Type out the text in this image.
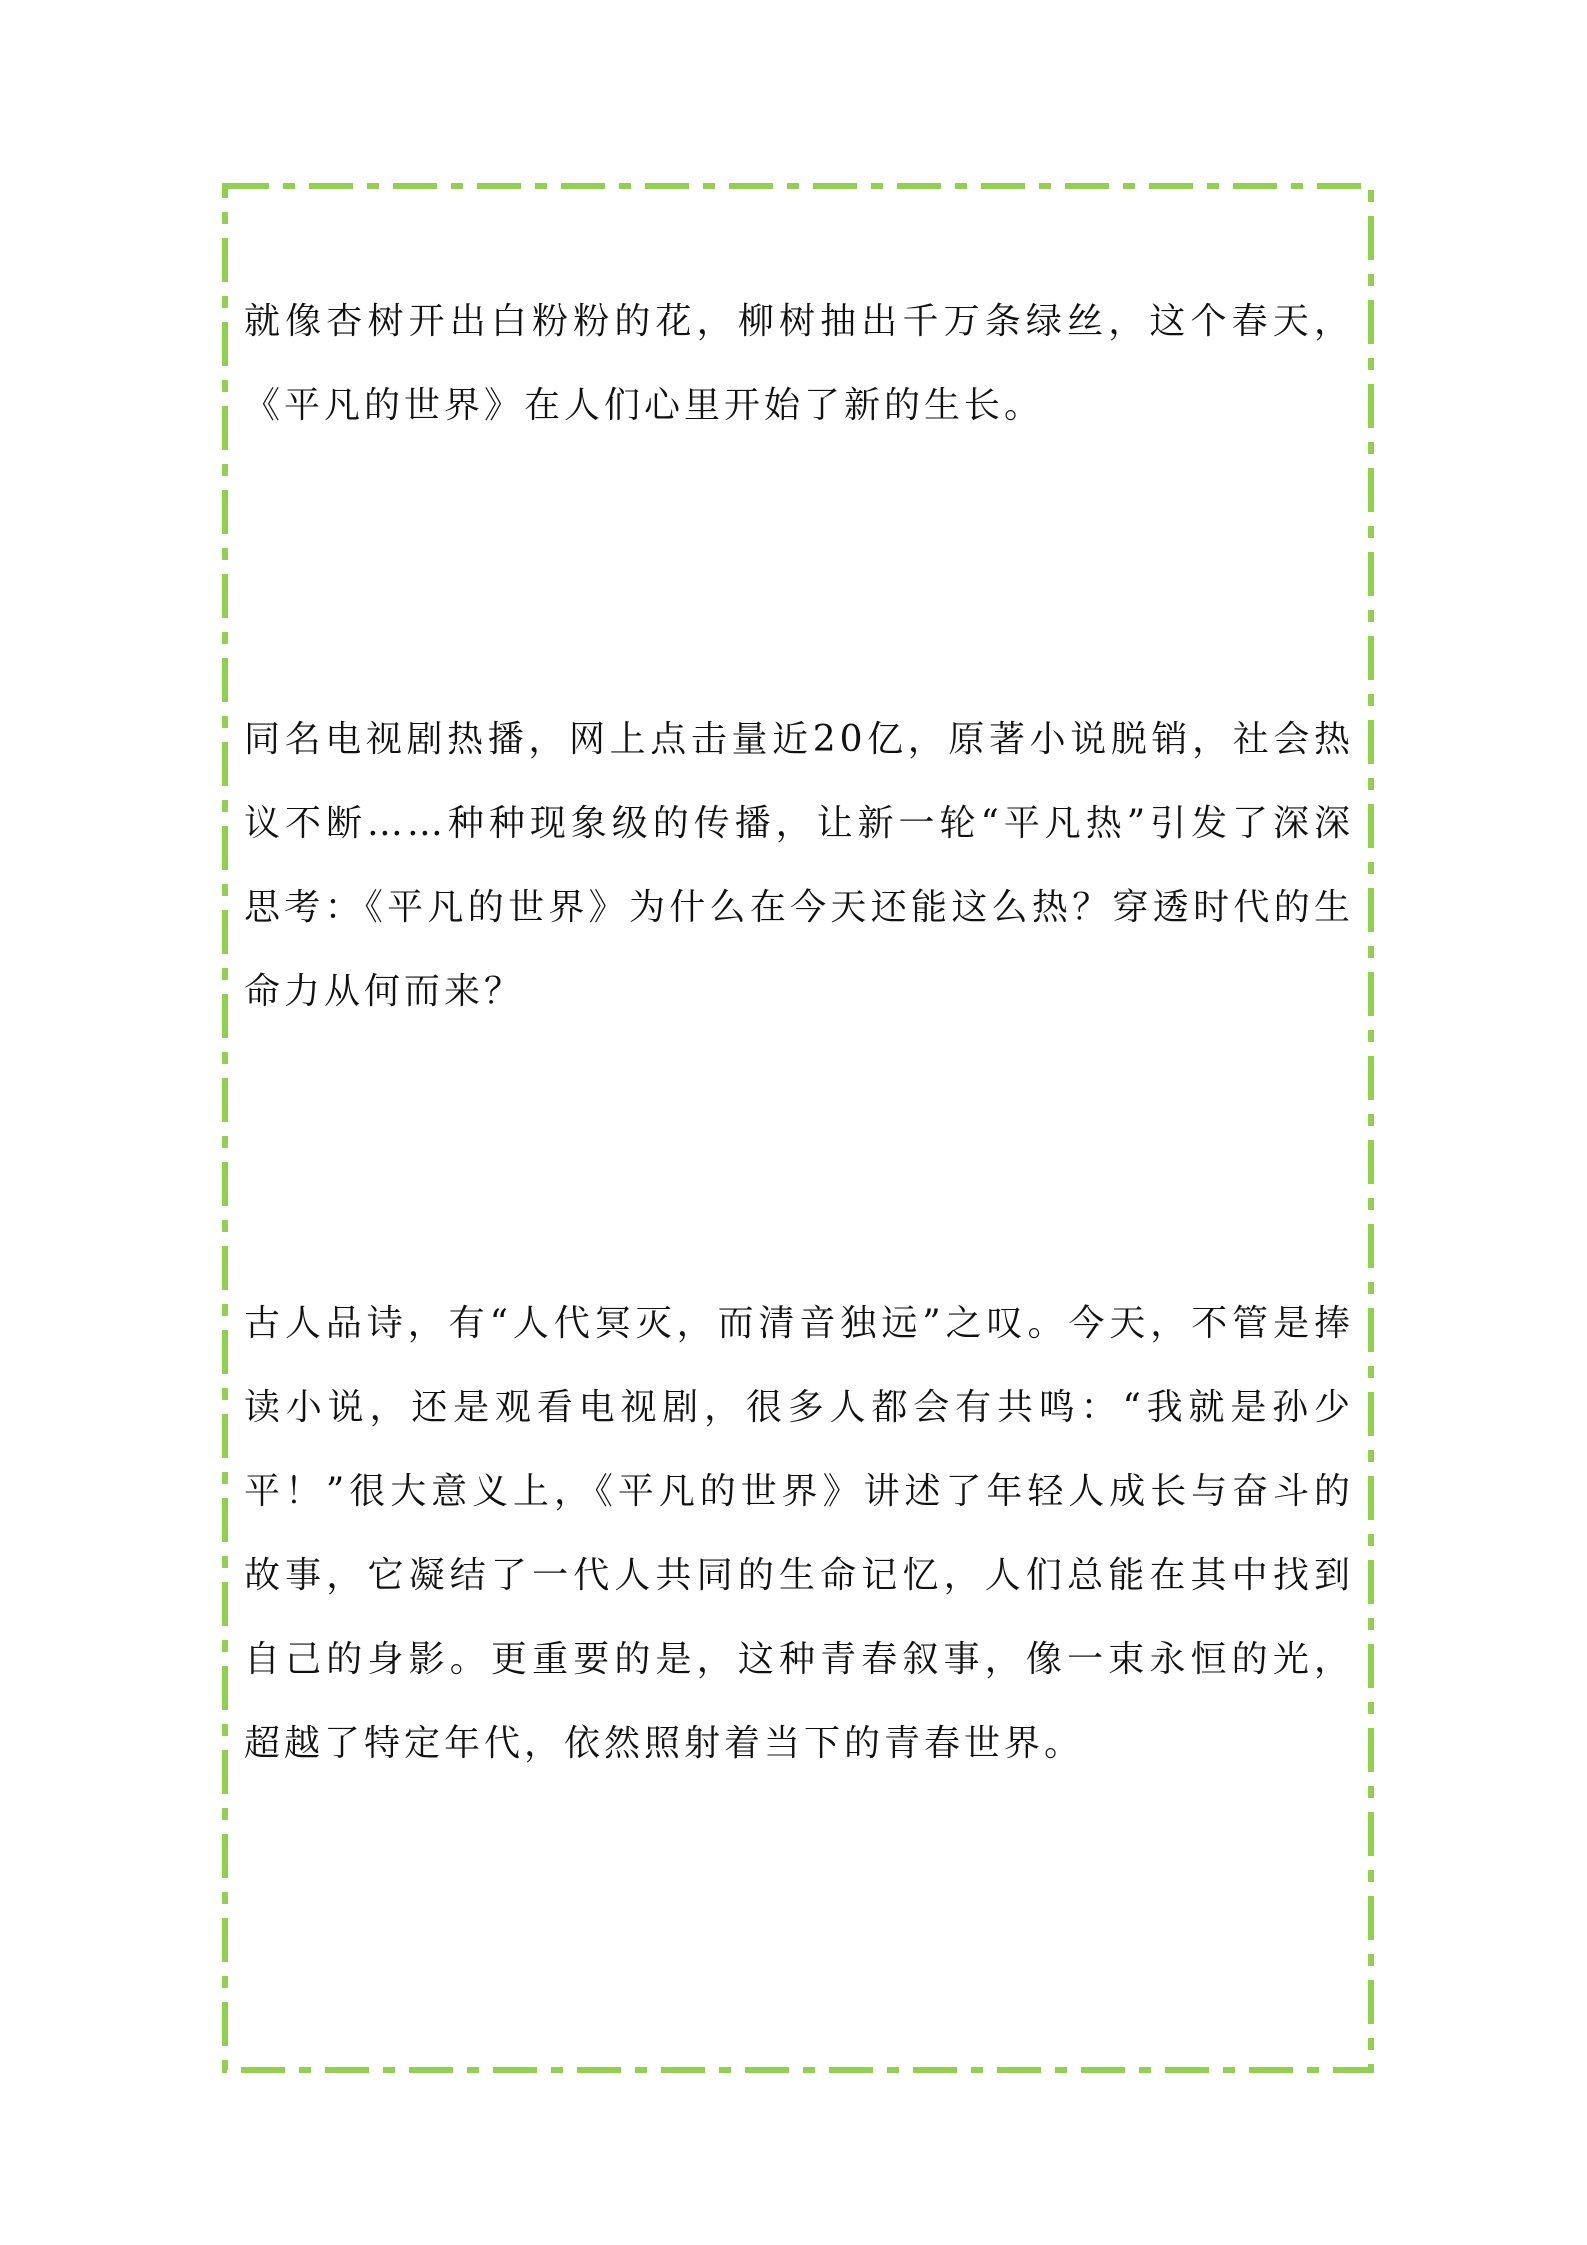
就像杏树开出白粉粉的花，柳树抽出千万条绿丝，这个春天，《平凡的世界》在人们心里开始了新的生长。

同名电视剧热播，网上点击量近20亿，原著小说脱销，社会热议不断……种种现象级的传播，让新一轮“平凡热”引发了深深思考：《平凡的世界》为什么在今天还能这么热？穿透时代的生命力从何而来？

古人品诗，有“人代冥灭，而清音独远”之叹。今天，不管是捧读小说，还是观看电视剧，很多人都会有共鸣：“我就是孙少平！”很大意义上，《平凡的世界》讲述了年轻人成长与奋斗的故事，它凝结了一代人共同的生命记忆，人们总能在其中找到自己的身影。更重要的是，这种青春叙事，像一束永恒的光，超越了特定年代，依然照射着当下的青春世界。
